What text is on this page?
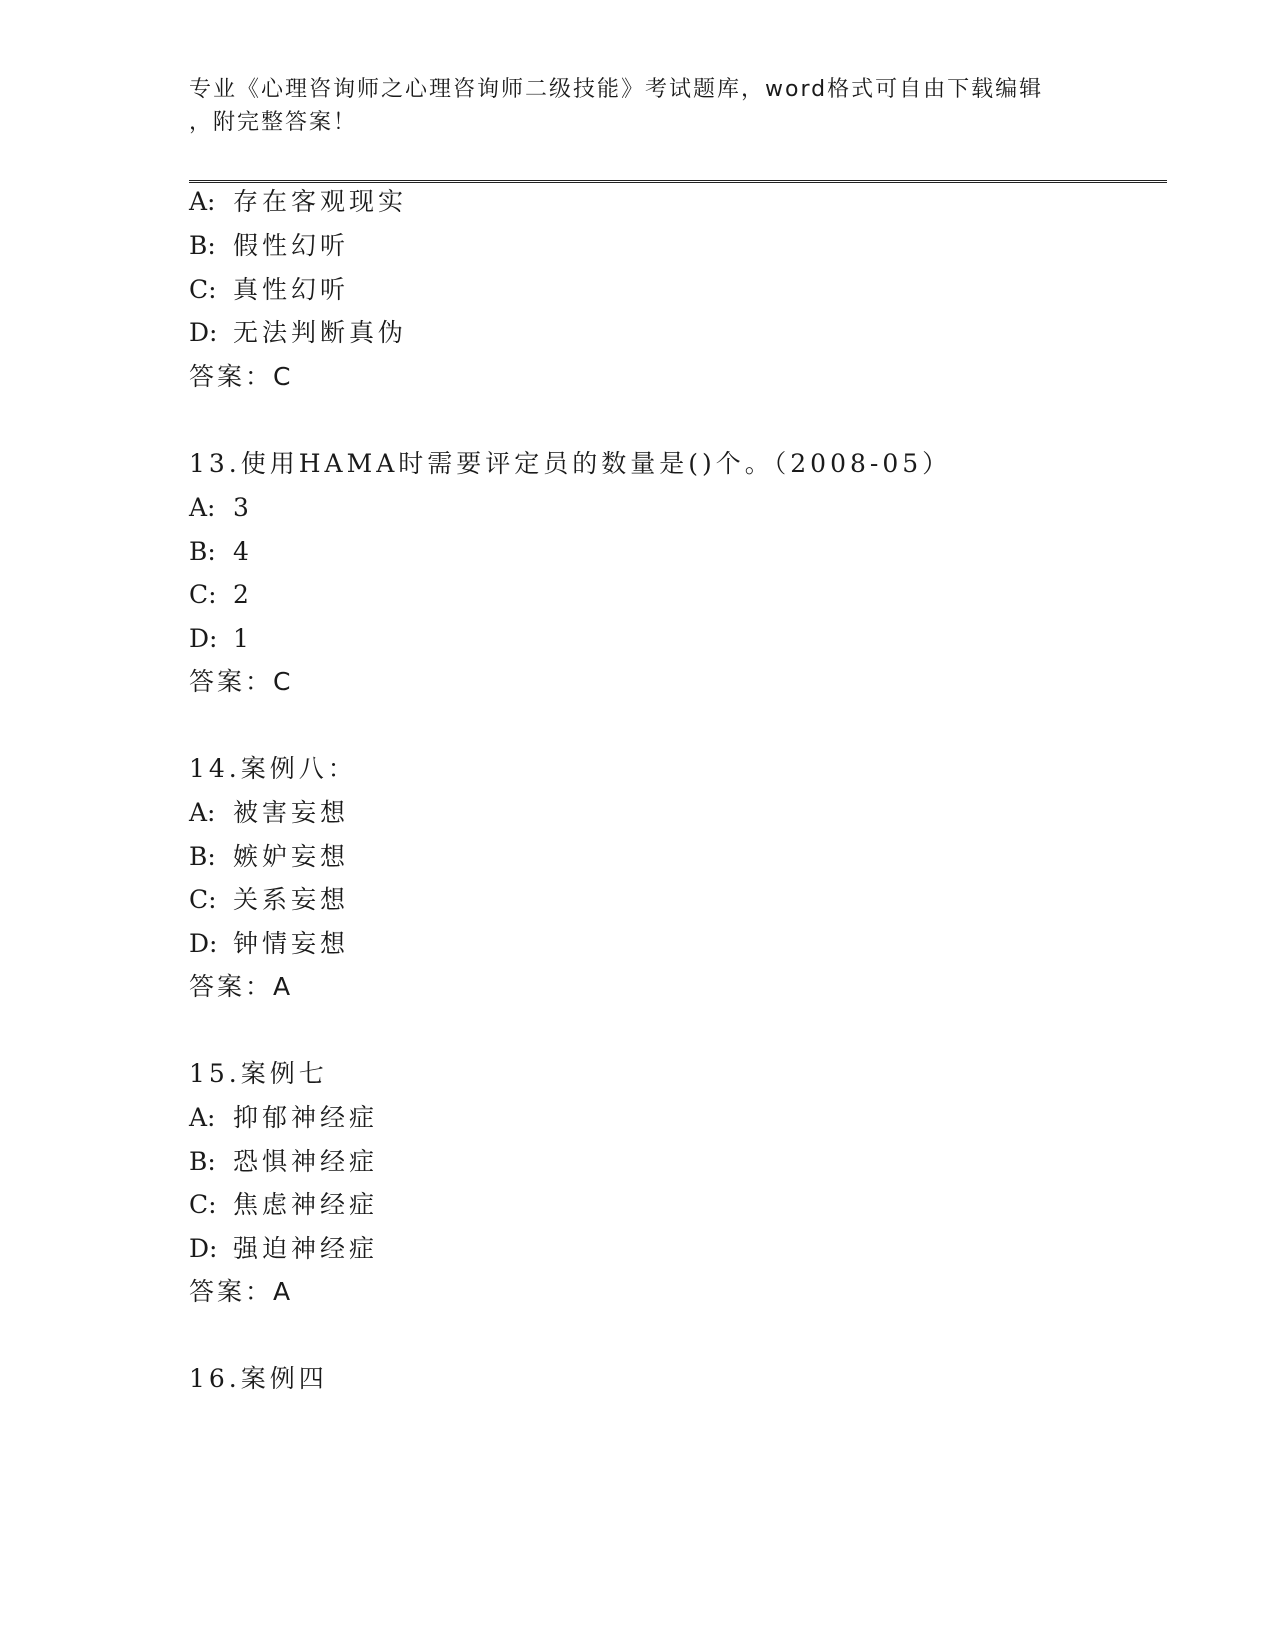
专业《心理咨询师之心理咨询师二级技能》考试题库，word格式可自由下载编辑
，附完整答案！
A: 存在客观现实
B: 假性幻听
C: 真性幻听
D: 无法判断真伪
答案：C
13.使用HAMA时需要评定员的数量是()个。（2008-05）
A: 3
B: 4
C: 2
D: 1
答案：C
14.案例八：
A: 被害妄想
B: 嫉妒妄想
C: 关系妄想
D: 钟情妄想
答案：A
15.案例七
A: 抑郁神经症
B: 恐惧神经症
C: 焦虑神经症
D: 强迫神经症
答案：A
16.案例四
